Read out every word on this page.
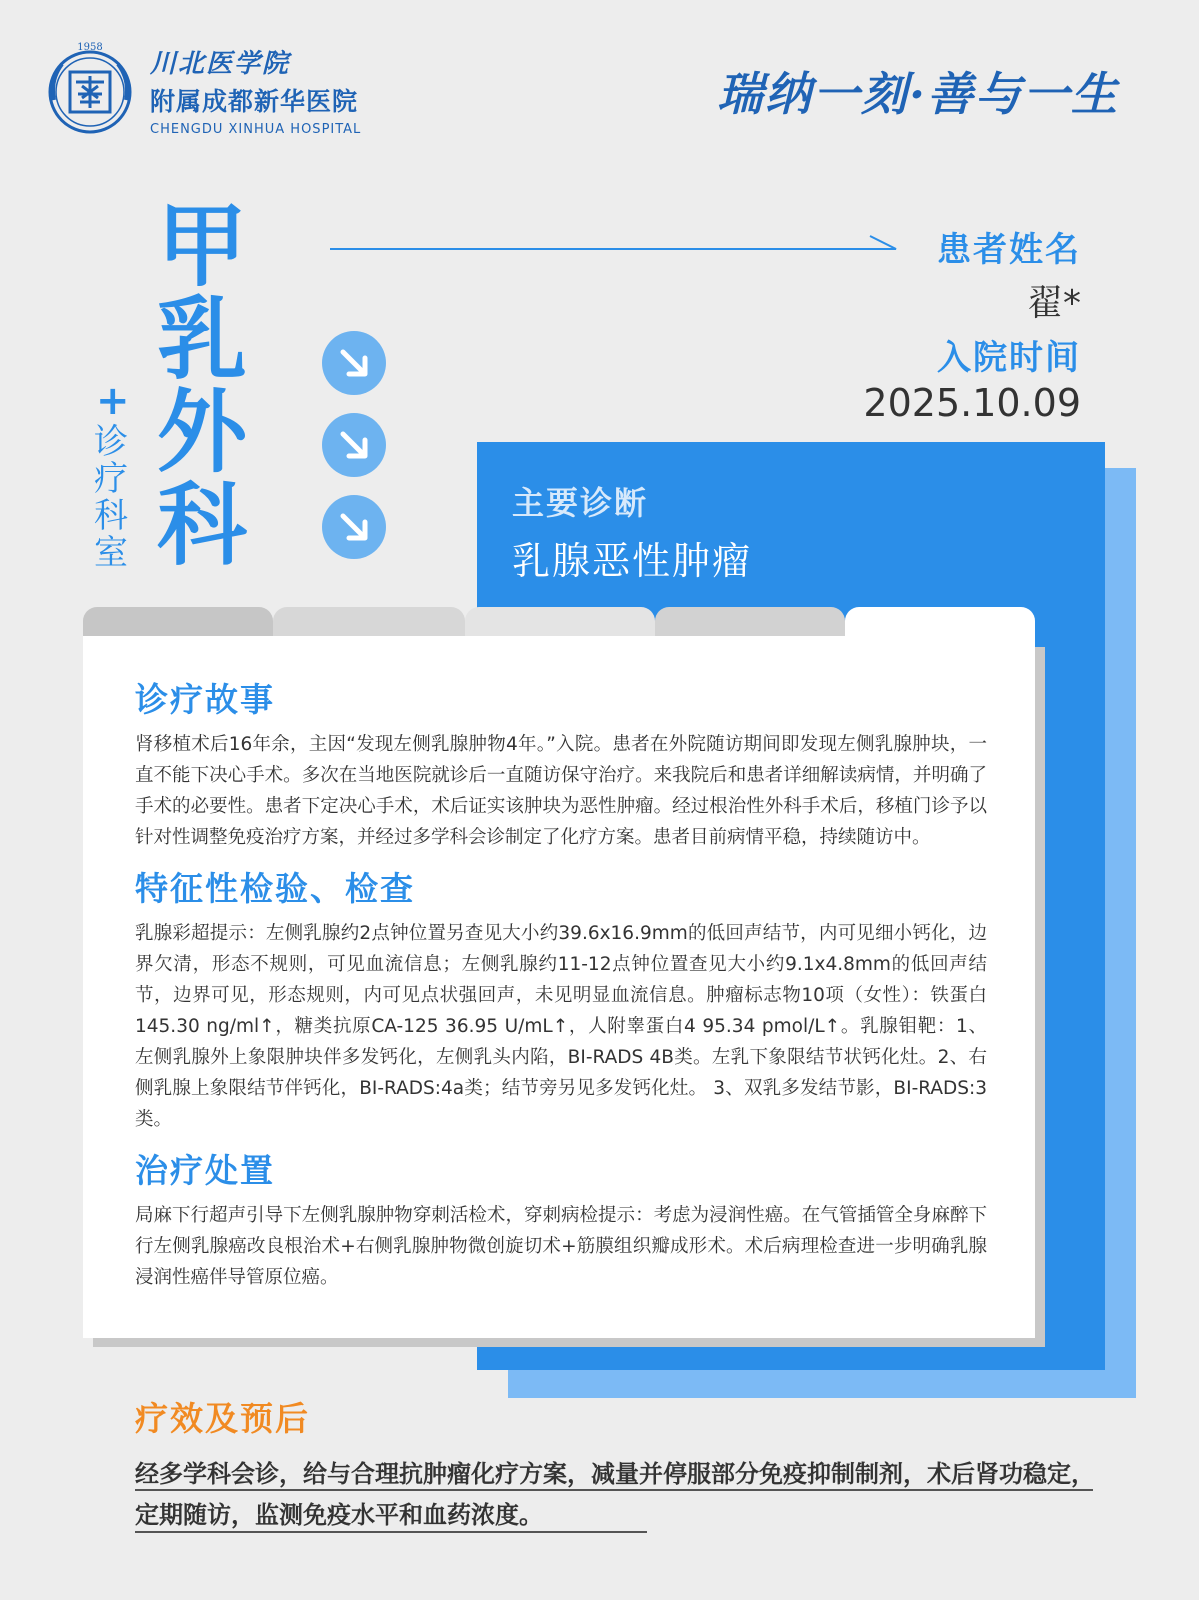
1958
川北医学院
附属成都新华医院
CHENGDU XINHUA HOSPITAL
瑞纳一刻·善与一生
甲
乳
外
科
+
诊
疗
科
室
患者姓名
翟*
入院时间
2025.10.09
主要诊断
乳腺恶性肿瘤
诊疗故事
肾移植术后16年余，主因“发现左侧乳腺肿物4年。”入院。患者在外院随访期间即发现左侧乳腺肿块，一直不能下决心手术。多次在当地医院就诊后一直随访保守治疗。来我院后和患者详细解读病情，并明确了手术的必要性。患者下定决心手术，术后证实该肿块为恶性肿瘤。经过根治性外科手术后，移植门诊予以针对性调整免疫治疗方案，并经过多学科会诊制定了化疗方案。患者目前病情平稳，持续随访中。
特征性检验、检查
乳腺彩超提示：左侧乳腺约2点钟位置另查见大小约39.6x16.9mm的低回声结节，内可见细小钙化，边界欠清，形态不规则，可见血流信息；左侧乳腺约11-12点钟位置查见大小约9.1x4.8mm的低回声结节，边界可见，形态规则，内可见点状强回声，未见明显血流信息。肿瘤标志物10项（女性）：铁蛋白 145.30 ng/ml↑，糖类抗原CA-125 36.95 U/mL↑，人附睾蛋白4 95.34 pmol/L↑。乳腺钼靶：1、左侧乳腺外上象限肿块伴多发钙化，左侧乳头内陷，BI-RADS 4B类。左乳下象限结节状钙化灶。2、右侧乳腺上象限结节伴钙化，BI-RADS:4a类；结节旁另见多发钙化灶。 3、双乳多发结节影，BI-RADS:3类。
治疗处置
局麻下行超声引导下左侧乳腺肿物穿刺活检术，穿刺病检提示：考虑为浸润性癌。在气管插管全身麻醉下行左侧乳腺癌改良根治术+右侧乳腺肿物微创旋切术+筋膜组织瓣成形术。术后病理检查进一步明确乳腺浸润性癌伴导管原位癌。
疗效及预后
经多学科会诊，给与合理抗肿瘤化疗方案，减量并停服部分免疫抑制制剂，术后肾功稳定，定期随访，监测免疫水平和血药浓度。
